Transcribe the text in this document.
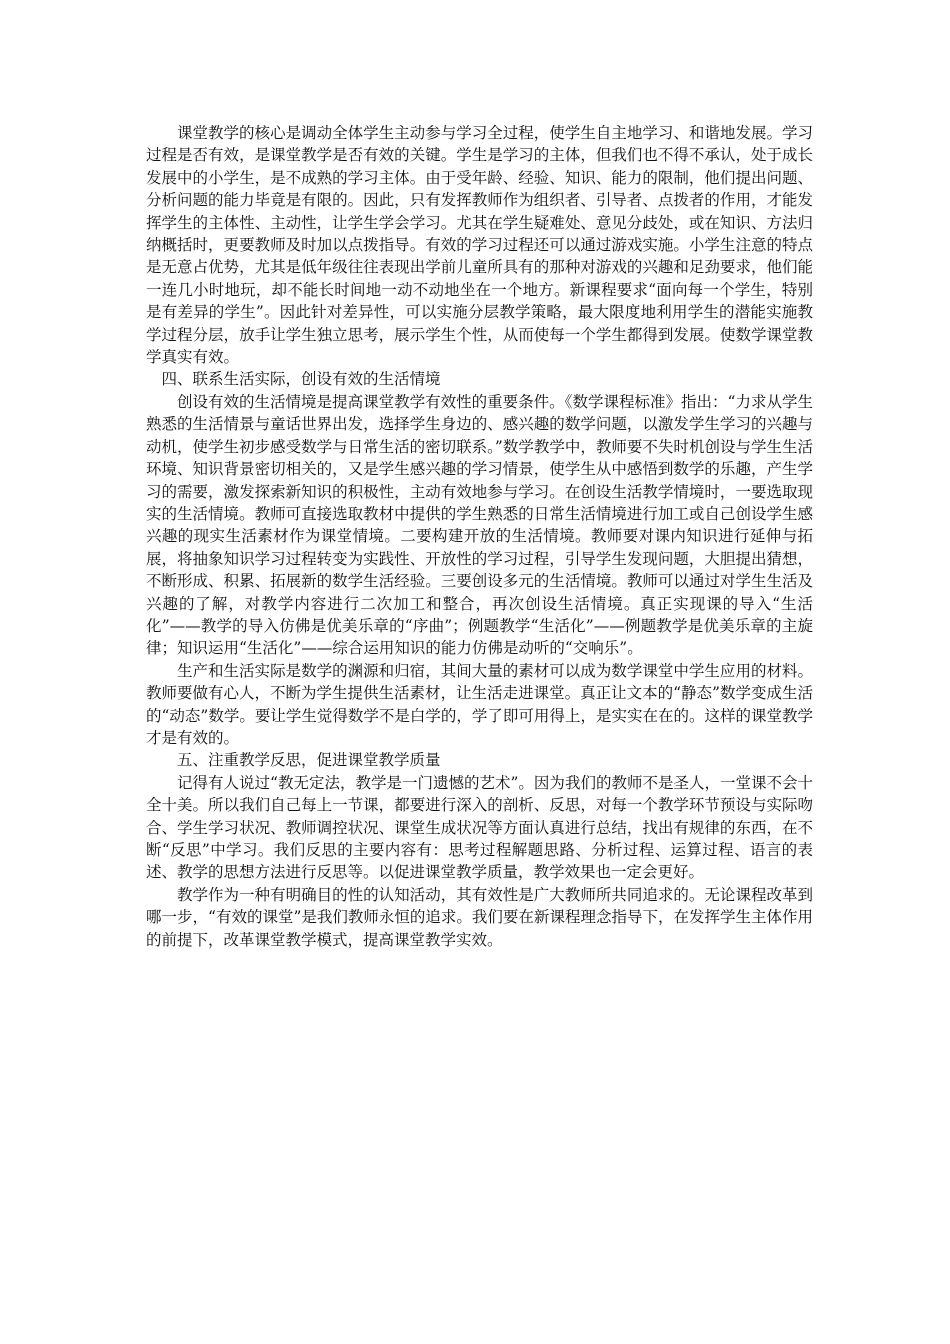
课堂教学的核心是调动全体学生主动参与学习全过程，使学生自主地学习、和谐地发展。学习过程是否有效，是课堂教学是否有效的关键。学生是学习的主体，但我们也不得不承认，处于成长发展中的小学生，是不成熟的学习主体。由于受年龄、经验、知识、能力的限制，他们提出问题、分析问题的能力毕竟是有限的。因此，只有发挥教师作为组织者、引导者、点拨者的作用，才能发挥学生的主体性、主动性，让学生学会学习。尤其在学生疑难处、意见分歧处，或在知识、方法归纳概括时，更要教师及时加以点拨指导。有效的学习过程还可以通过游戏实施。小学生注意的特点是无意占优势，尤其是低年级往往表现出学前儿童所具有的那种对游戏的兴趣和足劲要求，他们能一连几小时地玩，却不能长时间地一动不动地坐在一个地方。新课程要求“面向每一个学生，特别是有差异的学生”。因此针对差异性，可以实施分层教学策略，最大限度地利用学生的潜能实施教学过程分层，放手让学生独立思考，展示学生个性，从而使每一个学生都得到发展。使数学课堂教学真实有效。

四、联系生活实际，创设有效的生活情境

创设有效的生活情境是提高课堂教学有效性的重要条件。《数学课程标准》指出：“力求从学生熟悉的生活情景与童话世界出发，选择学生身边的、感兴趣的数学问题，以激发学生学习的兴趣与动机，使学生初步感受数学与日常生活的密切联系。”数学教学中，教师要不失时机创设与学生生活环境、知识背景密切相关的，又是学生感兴趣的学习情景，使学生从中感悟到数学的乐趣，产生学习的需要，激发探索新知识的积极性，主动有效地参与学习。在创设生活教学情境时，一要选取现实的生活情境。教师可直接选取教材中提供的学生熟悉的日常生活情境进行加工或自己创设学生感兴趣的现实生活素材作为课堂情境。二要构建开放的生活情境。教师要对课内知识进行延伸与拓展，将抽象知识学习过程转变为实践性、开放性的学习过程，引导学生发现问题，大胆提出猜想，不断形成、积累、拓展新的数学生活经验。三要创设多元的生活情境。教师可以通过对学生生活及兴趣的了解，对教学内容进行二次加工和整合，再次创设生活情境。真正实现课的导入“生活化”——教学的导入仿佛是优美乐章的“序曲”；例题教学“生活化”——例题教学是优美乐章的主旋律；知识运用“生活化”——综合运用知识的能力仿佛是动听的“交响乐”。

生产和生活实际是数学的渊源和归宿，其间大量的素材可以成为数学课堂中学生应用的材料。教师要做有心人，不断为学生提供生活素材，让生活走进课堂。真正让文本的“静态”数学变成生活的“动态”数学。要让学生觉得数学不是白学的，学了即可用得上，是实实在在的。这样的课堂教学才是有效的。

五、注重教学反思，促进课堂教学质量

记得有人说过“教无定法，教学是一门遗憾的艺术”。因为我们的教师不是圣人，一堂课不会十全十美。所以我们自己每上一节课，都要进行深入的剖析、反思，对每一个教学环节预设与实际吻合、学生学习状况、教师调控状况、课堂生成状况等方面认真进行总结，找出有规律的东西，在不断“反思”中学习。我们反思的主要内容有：思考过程解题思路、分析过程、运算过程、语言的表述、教学的思想方法进行反思等。以促进课堂教学质量，教学效果也一定会更好。

教学作为一种有明确目的性的认知活动，其有效性是广大教师所共同追求的。无论课程改革到哪一步，“有效的课堂”是我们教师永恒的追求。我们要在新课程理念指导下，在发挥学生主体作用的前提下，改革课堂教学模式，提高课堂教学实效。
